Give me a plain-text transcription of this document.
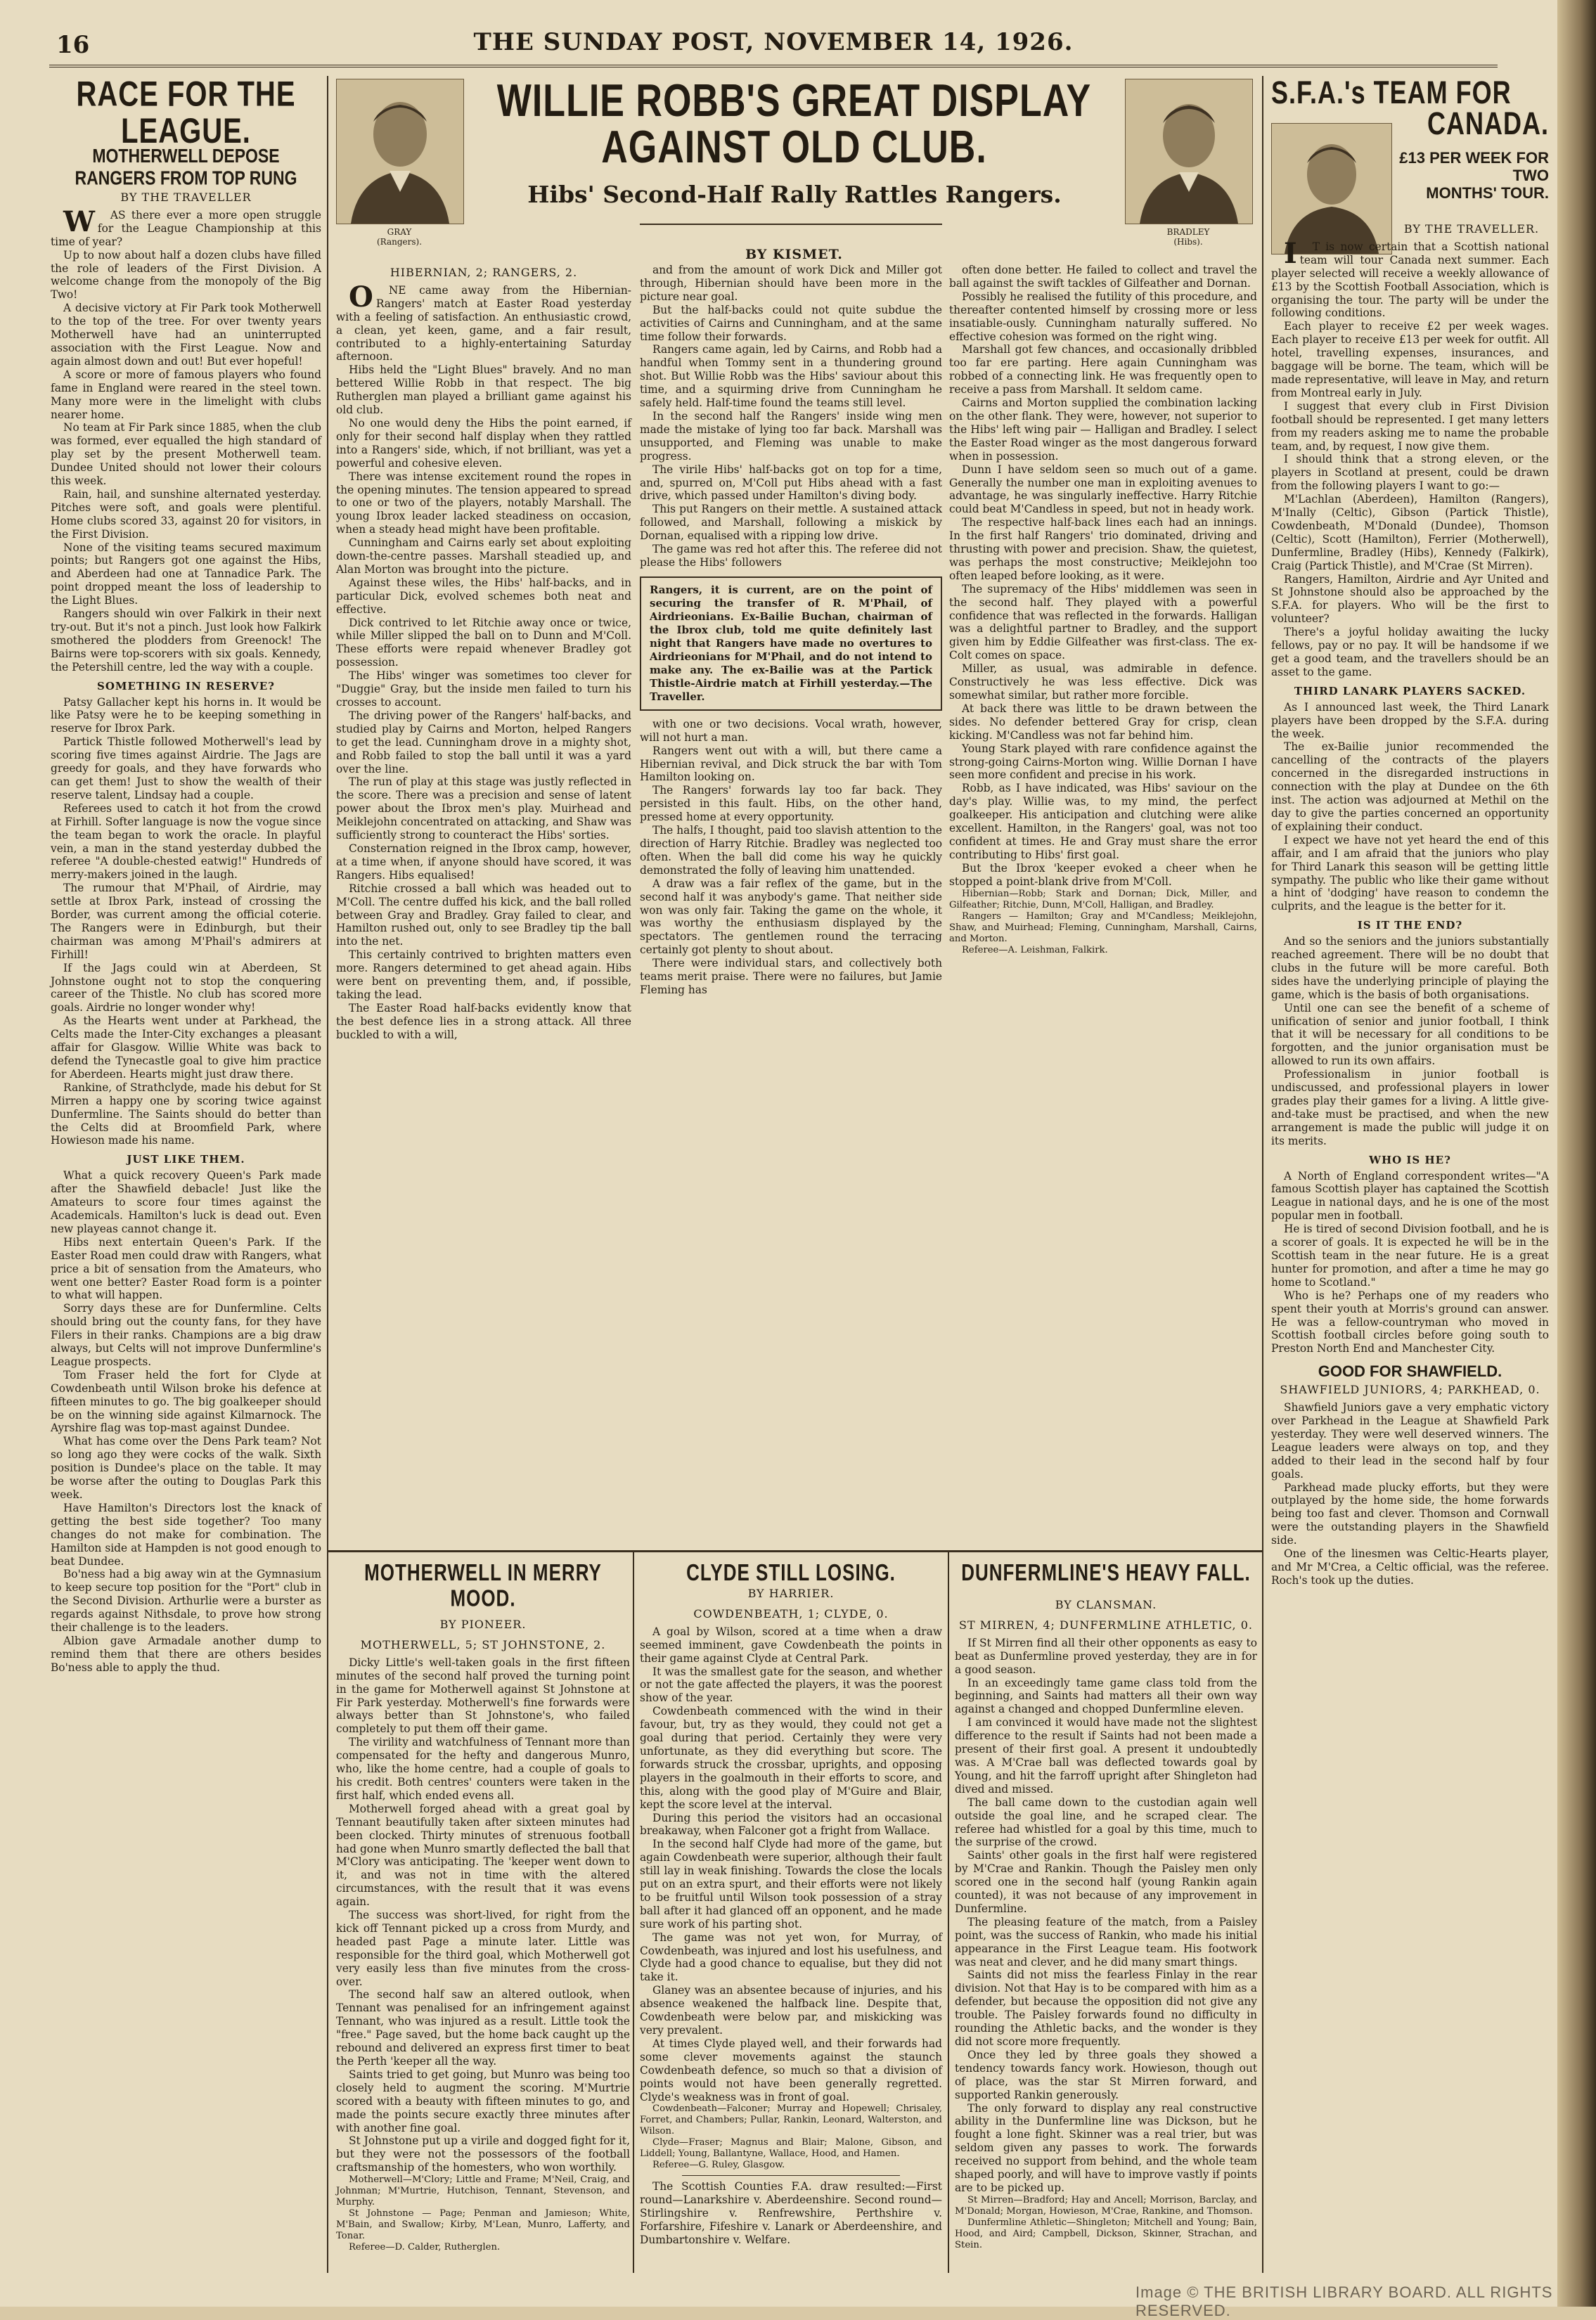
16	THE SUNDAY POST, NOVEMBER 14, 1926.
RACE FOR THE LEAGUE.
MOTHERWELL DEPOSE RANGERS FROM TOP RUNG
BY THE TRAVELLER

WAS there ever a more open struggle for the League Championship at this time of year?

Up to now about half a dozen clubs have filled the role of leaders of the First Division. A welcome change from the monopoly of the Big Two!

A decisive victory at Fir Park took Motherwell to the top of the tree. For over twenty years Motherwell have had an uninterrupted association with the First League. Now and again almost down and out! But ever hopeful!

A score or more of famous players who found fame in England were reared in the steel town. Many more were in the limelight with clubs nearer home.

No team at Fir Park since 1885, when the club was formed, ever equalled the high standard of play set by the present Motherwell team. Dundee United should not lower their colours this week.

Rain, hail, and sunshine alternated yesterday. Pitches were soft, and goals were plentiful. Home clubs scored 33, against 20 for visitors, in the First Division.

None of the visiting teams secured maximum points; but Rangers got one against the Hibs, and Aberdeen had one at Tannadice Park. The point dropped meant the loss of leadership to the Light Blues.

Rangers should win over Falkirk in their next try-out. But it's not a pinch. Just look how Falkirk smothered the plodders from Greenock! The Bairns were top-scorers with six goals. Kennedy, the Petershill centre, led the way with a couple.

SOMETHING IN RESERVE?

Patsy Gallacher kept his horns in. It would be like Patsy were he to be keeping something in reserve for Ibrox Park.

Partick Thistle followed Motherwell's lead by scoring five times against Airdrie. The Jags are greedy for goals, and they have forwards who can get them! Just to show the wealth of their reserve talent, Lindsay had a couple.

Referees used to catch it hot from the crowd at Firhill. Softer language is now the vogue since the team began to work the oracle. In playful vein, a man in the stand yesterday dubbed the referee "A double-chested eatwig!" Hundreds of merry-makers joined in the laugh.

The rumour that M'Phail, of Airdrie, may settle at Ibrox Park, instead of crossing the Border, was current among the official coterie. The Rangers were in Edinburgh, but their chairman was among M'Phail's admirers at Firhill!

If the Jags could win at Aberdeen, St Johnstone ought not to stop the conquering career of the Thistle. No club has scored more goals. Airdrie no longer wonder why!

As the Hearts went under at Parkhead, the Celts made the Inter-City exchanges a pleasant affair for Glasgow. Willie White was back to defend the Tynecastle goal to give him practice for Aberdeen. Hearts might just draw there.

Rankine, of Strathclyde, made his debut for St Mirren a happy one by scoring twice against Dunfermline. The Saints should do better than the Celts did at Broomfield Park, where Howieson made his name.

JUST LIKE THEM.

What a quick recovery Queen's Park made after the Shawfield debacle! Just like the Amateurs to score four times against the Academicals. Hamilton's luck is dead out. Even new playeas cannot change it.

Hibs next entertain Queen's Park. If the Easter Road men could draw with Rangers, what price a bit of sensation from the Amateurs, who went one better? Easter Road form is a pointer to what will happen.

Sorry days these are for Dunfermline. Celts should bring out the county fans, for they have Filers in their ranks. Champions are a big draw always, but Celts will not improve Dunfermline's League prospects.

Tom Fraser held the fort for Clyde at Cowdenbeath until Wilson broke his defence at fifteen minutes to go. The big goalkeeper should be on the winning side against Kilmarnock. The Ayrshire flag was top-mast against Dundee.

What has come over the Dens Park team? Not so long ago they were cocks of the walk. Sixth position is Dundee's place on the table. It may be worse after the outing to Douglas Park this week.

Have Hamilton's Directors lost the knack of getting the best side together? Too many changes do not make for combination. The Hamilton side at Hampden is not good enough to beat Dundee.

Bo'ness had a big away win at the Gymnasium to keep secure top position for the "Port" club in the Second Division. Arthurlie were a burster as regards against Nithsdale, to prove how strong their challenge is to the leaders.

Albion gave Armadale another dump to remind them that there are others besides Bo'ness able to apply the thud.

GRAY
(Rangers).
BRADLEY
(Hibs).
WILLIE ROBB'S GREAT DISPLAY
AGAINST OLD CLUB.
Hibs' Second-Half Rally Rattles Rangers.
BY KISMET.
HIBERNIAN, 2; RANGERS, 2.

ONE came away from the Hibernian-Rangers' match at Easter Road yesterday with a feeling of satisfaction. An enthusiastic crowd, a clean, yet keen, game, and a fair result, contributed to a highly-entertaining Saturday afternoon.

Hibs held the "Light Blues" bravely. And no man bettered Willie Robb in that respect. The big Rutherglen man played a brilliant game against his old club.

No one would deny the Hibs the point earned, if only for their second half display when they rattled into a Rangers' side, which, if not brilliant, was yet a powerful and cohesive eleven.

There was intense excitement round the ropes in the opening minutes. The tension appeared to spread to one or two of the players, notably Marshall. The young Ibrox leader lacked steadiness on occasion, when a steady head might have been profitable.

Cunningham and Cairns early set about exploiting down-the-centre passes. Marshall steadied up, and Alan Morton was brought into the picture.

Against these wiles, the Hibs' half-backs, and in particular Dick, evolved schemes both neat and effective.

Dick contrived to let Ritchie away once or twice, while Miller slipped the ball on to Dunn and M'Coll. These efforts were repaid whenever Bradley got possession.

The Hibs' winger was sometimes too clever for "Duggie" Gray, but the inside men failed to turn his crosses to account.

The driving power of the Rangers' half-backs, and studied play by Cairns and Morton, helped Rangers to get the lead. Cunningham drove in a mighty shot, and Robb failed to stop the ball until it was a yard over the line.

The run of play at this stage was justly reflected in the score. There was a precision and sense of latent power about the Ibrox men's play. Muirhead and Meiklejohn concentrated on attacking, and Shaw was sufficiently strong to counteract the Hibs' sorties.

Consternation reigned in the Ibrox camp, however, at a time when, if anyone should have scored, it was Rangers. Hibs equalised!

Ritchie crossed a ball which was headed out to M'Coll. The centre duffed his kick, and the ball rolled between Gray and Bradley. Gray failed to clear, and Hamilton rushed out, only to see Bradley tip the ball into the net.

This certainly contrived to brighten matters even more. Rangers determined to get ahead again. Hibs were bent on preventing them, and, if possible, taking the lead.

The Easter Road half-backs evidently know that the best defence lies in a strong attack. All three buckled to with a will,

and from the amount of work Dick and Miller got through, Hibernian should have been more in the picture near goal.

But the half-backs could not quite subdue the activities of Cairns and Cunningham, and at the same time follow their forwards.

Rangers came again, led by Cairns, and Robb had a handful when Tommy sent in a thundering ground shot. But Willie Robb was the Hibs' saviour about this time, and a squirming drive from Cunningham he safely held. Half-time found the teams still level.

In the second half the Rangers' inside wing men made the mistake of lying too far back. Marshall was unsupported, and Fleming was unable to make progress.

The virile Hibs' half-backs got on top for a time, and, spurred on, M'Coll put Hibs ahead with a fast drive, which passed under Hamilton's diving body.

This put Rangers on their mettle. A sustained attack followed, and Marshall, following a miskick by Dornan, equalised with a ripping low drive.

The game was red hot after this. The referee did not please the Hibs' followers

Rangers, it is current, are on the point of securing the transfer of R. M'Phail, of Airdrieonians. Ex-Bailie Buchan, chairman of the Ibrox club, told me quite definitely last night that Rangers have made no overtures to Airdrieonians for M'Phail, and do not intend to make any. The ex-Bailie was at the Partick Thistle-Airdrie match at Firhill yesterday.—The Traveller.

with one or two decisions. Vocal wrath, however, will not hurt a man.

Rangers went out with a will, but there came a Hibernian revival, and Dick struck the bar with Tom Hamilton looking on.

The Rangers' forwards lay too far back. They persisted in this fault. Hibs, on the other hand, pressed home at every opportunity.

The halfs, I thought, paid too slavish attention to the direction of Harry Ritchie. Bradley was neglected too often. When the ball did come his way he quickly demonstrated the folly of leaving him unattended.

A draw was a fair reflex of the game, but in the second half it was anybody's game. That neither side won was only fair. Taking the game on the whole, it was worthy the enthusiasm displayed by the spectators. The gentlemen round the terracing certainly got plenty to shout about.

There were individual stars, and collectively both teams merit praise. There were no failures, but Jamie Fleming has

often done better. He failed to collect and travel the ball against the swift tackles of Gilfeather and Dornan.

Possibly he realised the futility of this procedure, and thereafter contented himself by crossing more or less insatiable-ously. Cunningham naturally suffered. No effective cohesion was formed on the right wing.

Marshall got few chances, and occasionally dribbled too far ere parting. Here again Cunningham was robbed of a connecting link. He was frequently open to receive a pass from Marshall. It seldom came.

Cairns and Morton supplied the combination lacking on the other flank. They were, however, not superior to the Hibs' left wing pair — Halligan and Bradley. I select the Easter Road winger as the most dangerous forward when in possession.

Dunn I have seldom seen so much out of a game. Generally the number one man in exploiting avenues to advantage, he was singularly ineffective. Harry Ritchie could beat M'Candless in speed, but not in heady work.

The respective half-back lines each had an innings. In the first half Rangers' trio dominated, driving and thrusting with power and precision. Shaw, the quietest, was perhaps the most constructive; Meiklejohn too often leaped before looking, as it were.

The supremacy of the Hibs' middlemen was seen in the second half. They played with a powerful confidence that was reflected in the forwards. Halligan was a delightful partner to Bradley, and the support given him by Eddie Gilfeather was first-class. The ex-Colt comes on space.

Miller, as usual, was admirable in defence. Constructively he was less effective. Dick was somewhat similar, but rather more forcible.

At back there was little to be drawn between the sides. No defender bettered Gray for crisp, clean kicking. M'Candless was not far behind him.

Young Stark played with rare confidence against the strong-going Cairns-Morton wing. Willie Dornan I have seen more confident and precise in his work.

Robb, as I have indicated, was Hibs' saviour on the day's play. Willie was, to my mind, the perfect goalkeeper. His anticipation and clutching were alike excellent. Hamilton, in the Rangers' goal, was not too confident at times. He and Gray must share the error contributing to Hibs' first goal.

But the Ibrox 'keeper evoked a cheer when he stopped a point-blank drive from M'Coll.

Hibernian—Robb; Stark and Dornan; Dick, Miller, and Gilfeather; Ritchie, Dunn, M'Coll, Halligan, and Bradley.

Rangers — Hamilton; Gray and M'Candless; Meiklejohn, Shaw, and Muirhead; Fleming, Cunningham, Marshall, Cairns, and Morton.

Referee—A. Leishman, Falkirk.

MOTHERWELL IN MERRY MOOD.
BY PIONEER.
MOTHERWELL, 5; ST JOHNSTONE, 2.

Dicky Little's well-taken goals in the first fifteen minutes of the second half proved the turning point in the game for Motherwell against St Johnstone at Fir Park yesterday. Motherwell's fine forwards were always better than St Johnstone's, who failed completely to put them off their game.

The virility and watchfulness of Tennant more than compensated for the hefty and dangerous Munro, who, like the home centre, had a couple of goals to his credit. Both centres' counters were taken in the first half, which ended evens all.

Motherwell forged ahead with a great goal by Tennant beautifully taken after sixteen minutes had been clocked. Thirty minutes of strenuous football had gone when Munro smartly deflected the ball that M'Clory was anticipating. The 'keeper went down to it, and was not in time with the altered circumstances, with the result that it was evens again.

The success was short-lived, for right from the kick off Tennant picked up a cross from Murdy, and headed past Page a minute later. Little was responsible for the third goal, which Motherwell got very easily less than five minutes from the cross-over.

The second half saw an altered outlook, when Tennant was penalised for an infringement against Tennant, who was injured as a result. Little took the "free." Page saved, but the home back caught up the rebound and delivered an express first timer to beat the Perth 'keeper all the way.

Saints tried to get going, but Munro was being too closely held to augment the scoring. M'Murtrie scored with a beauty with fifteen minutes to go, and made the points secure exactly three minutes after with another fine goal.

St Johnstone put up a virile and dogged fight for it, but they were not the possessors of the football craftsmanship of the homesters, who won worthily.

Motherwell—M'Clory; Little and Frame; M'Neil, Craig, and Johnman; M'Murtrie, Hutchison, Tennant, Stevenson, and Murphy.

St Johnstone — Page; Penman and Jamieson; White, M'Bain, and Swallow; Kirby, M'Lean, Munro, Lafferty, and Tonar.

Referee—D. Calder, Rutherglen.

CLYDE STILL LOSING.
BY HARRIER.
COWDENBEATH, 1; CLYDE, 0.

A goal by Wilson, scored at a time when a draw seemed imminent, gave Cowdenbeath the points in their game against Clyde at Central Park.

It was the smallest gate for the season, and whether or not the gate affected the players, it was the poorest show of the year.

Cowdenbeath commenced with the wind in their favour, but, try as they would, they could not get a goal during that period. Certainly they were very unfortunate, as they did everything but score. The forwards struck the crossbar, uprights, and opposing players in the goalmouth in their efforts to score, and this, along with the good play of M'Guire and Blair, kept the score level at the interval.

During this period the visitors had an occasional breakaway, when Falconer got a fright from Wallace.

In the second half Clyde had more of the game, but again Cowdenbeath were superior, although their fault still lay in weak finishing. Towards the close the locals put on an extra spurt, and their efforts were not likely to be fruitful until Wilson took possession of a stray ball after it had glanced off an opponent, and he made sure work of his parting shot.

The game was not yet won, for Murray, of Cowdenbeath, was injured and lost his usefulness, and Clyde had a good chance to equalise, but they did not take it.

Glaney was an absentee because of injuries, and his absence weakened the halfback line. Despite that, Cowdenbeath were below par, and miskicking was very prevalent.

At times Clyde played well, and their forwards had some clever movements against the staunch Cowdenbeath defence, so much so that a division of points would not have been generally regretted. Clyde's weakness was in front of goal.

Cowdenbeath—Falconer; Murray and Hopewell; Chrisaley, Forret, and Chambers; Pullar, Rankin, Leonard, Walterston, and Wilson.

Clyde—Fraser; Magnus and Blair; Malone, Gibson, and Liddell; Young, Ballantyne, Wallace, Hood, and Hamen.

Referee—G. Ruley, Glasgow.

The Scottish Counties F.A. draw resulted:—First round—Lanarkshire v. Aberdeenshire. Second round—Stirlingshire v. Renfrewshire, Perthshire v. Forfarshire, Fifeshire v. Lanark or Aberdeenshire, and Dumbartonshire v. Welfare.

DUNFERMLINE'S HEAVY FALL.
BY CLANSMAN.
ST MIRREN, 4; DUNFERMLINE ATHLETIC, 0.

If St Mirren find all their other opponents as easy to beat as Dunfermline proved yesterday, they are in for a good season.

In an exceedingly tame game class told from the beginning, and Saints had matters all their own way against a changed and chopped Dunfermline eleven.

I am convinced it would have made not the slightest difference to the result if Saints had not been made a present of their first goal. A present it undoubtedly was. A M'Crae ball was deflected towards goal by Young, and hit the farroff upright after Shingleton had dived and missed.

The ball came down to the custodian again well outside the goal line, and he scraped clear. The referee had whistled for a goal by this time, much to the surprise of the crowd.

Saints' other goals in the first half were registered by M'Crae and Rankin. Though the Paisley men only scored one in the second half (young Rankin again counted), it was not because of any improvement in Dunfermline.

The pleasing feature of the match, from a Paisley point, was the success of Rankin, who made his initial appearance in the First League team. His footwork was neat and clever, and he did many smart things.

Saints did not miss the fearless Finlay in the rear division. Not that Hay is to be compared with him as a defender, but because the opposition did not give any trouble. The Paisley forwards found no difficulty in rounding the Athletic backs, and the wonder is they did not score more frequently.

Once they led by three goals they showed a tendency towards fancy work. Howieson, though out of place, was the star St Mirren forward, and supported Rankin generously.

The only forward to display any real constructive ability in the Dunfermline line was Dickson, but he fought a lone fight. Skinner was a real trier, but was seldom given any passes to work. The forwards received no support from behind, and the whole team shaped poorly, and will have to improve vastly if points are to be picked up.

St Mirren—Bradford; Hay and Ancell; Morrison, Barclay, and M'Donald; Morgan, Howieson, M'Crae, Rankine, and Thomson.

Dunfermline Athletic—Shingleton; Mitchell and Young; Bain, Hood, and Aird; Campbell, Dickson, Skinner, Strachan, and Stein.

S.F.A.'s TEAM FOR
CANADA.
£13 PER WEEK FOR TWO
MONTHS' TOUR.
BY THE TRAVELLER.

IT is now certain that a Scottish national team will tour Canada next summer. Each player selected will receive a weekly allowance of £13 by the Scottish Football Association, which is organising the tour. The party will be under the following conditions.

Each player to receive £2 per week wages. Each player to receive £13 per week for outfit. All hotel, travelling expenses, insurances, and baggage will be borne. The team, which will be made representative, will leave in May, and return from Montreal early in July.

I suggest that every club in First Division football should be represented. I get many letters from my readers asking me to name the probable team, and, by request, I now give them.

I should think that a strong eleven, or the players in Scotland at present, could be drawn from the following players I want to go:—

M'Lachlan (Aberdeen), Hamilton (Rangers), M'Inally (Celtic), Gibson (Partick Thistle), Cowdenbeath, M'Donald (Dundee), Thomson (Celtic), Scott (Hamilton), Ferrier (Motherwell), Dunfermline, Bradley (Hibs), Kennedy (Falkirk), Craig (Partick Thistle), and M'Crae (St Mirren).

Rangers, Hamilton, Airdrie and Ayr United and St Johnstone should also be approached by the S.F.A. for players. Who will be the first to volunteer?

There's a joyful holiday awaiting the lucky fellows, pay or no pay. It will be handsome if we get a good team, and the travellers should be an asset to the game.

THIRD LANARK PLAYERS SACKED.

As I announced last week, the Third Lanark players have been dropped by the S.F.A. during the week.

The ex-Bailie junior recommended the cancelling of the contracts of the players concerned in the disregarded instructions in connection with the play at Dundee on the 6th inst. The action was adjourned at Methil on the day to give the parties concerned an opportunity of explaining their conduct.

I expect we have not yet heard the end of this affair, and I am afraid that the juniors who play for Third Lanark this season will be getting little sympathy. The public who like their game without a hint of 'dodging' have reason to condemn the culprits, and the league is the better for it.

IS IT THE END?

And so the seniors and the juniors substantially reached agreement. There will be no doubt that clubs in the future will be more careful. Both sides have the underlying principle of playing the game, which is the basis of both organisations.

Until one can see the benefit of a scheme of unification of senior and junior football, I think that it will be necessary for all conditions to be forgotten, and the junior organisation must be allowed to run its own affairs.

Professionalism in junior football is undiscussed, and professional players in lower grades play their games for a living. A little give-and-take must be practised, and when the new arrangement is made the public will judge it on its merits.

WHO IS HE?

A North of England correspondent writes—"A famous Scottish player has captained the Scottish League in national days, and he is one of the most popular men in football.

He is tired of second Division football, and he is a scorer of goals. It is expected he will be in the Scottish team in the near future. He is a great hunter for promotion, and after a time he may go home to Scotland."

Who is he? Perhaps one of my readers who spent their youth at Morris's ground can answer. He was a fellow-countryman who moved in Scottish football circles before going south to Preston North End and Manchester City.

GOOD FOR SHAWFIELD.
SHAWFIELD JUNIORS, 4; PARKHEAD, 0.

Shawfield Juniors gave a very emphatic victory over Parkhead in the League at Shawfield Park yesterday. They were well deserved winners. The League leaders were always on top, and they added to their lead in the second half by four goals.

Parkhead made plucky efforts, but they were outplayed by the home side, the home forwards being too fast and clever. Thomson and Cornwall were the outstanding players in the Shawfield side.

One of the linesmen was Celtic-Hearts player, and Mr M'Crea, a Celtic official, was the referee. Roch's took up the duties.

Image © THE BRITISH LIBRARY BOARD. ALL RIGHTS RESERVED.
